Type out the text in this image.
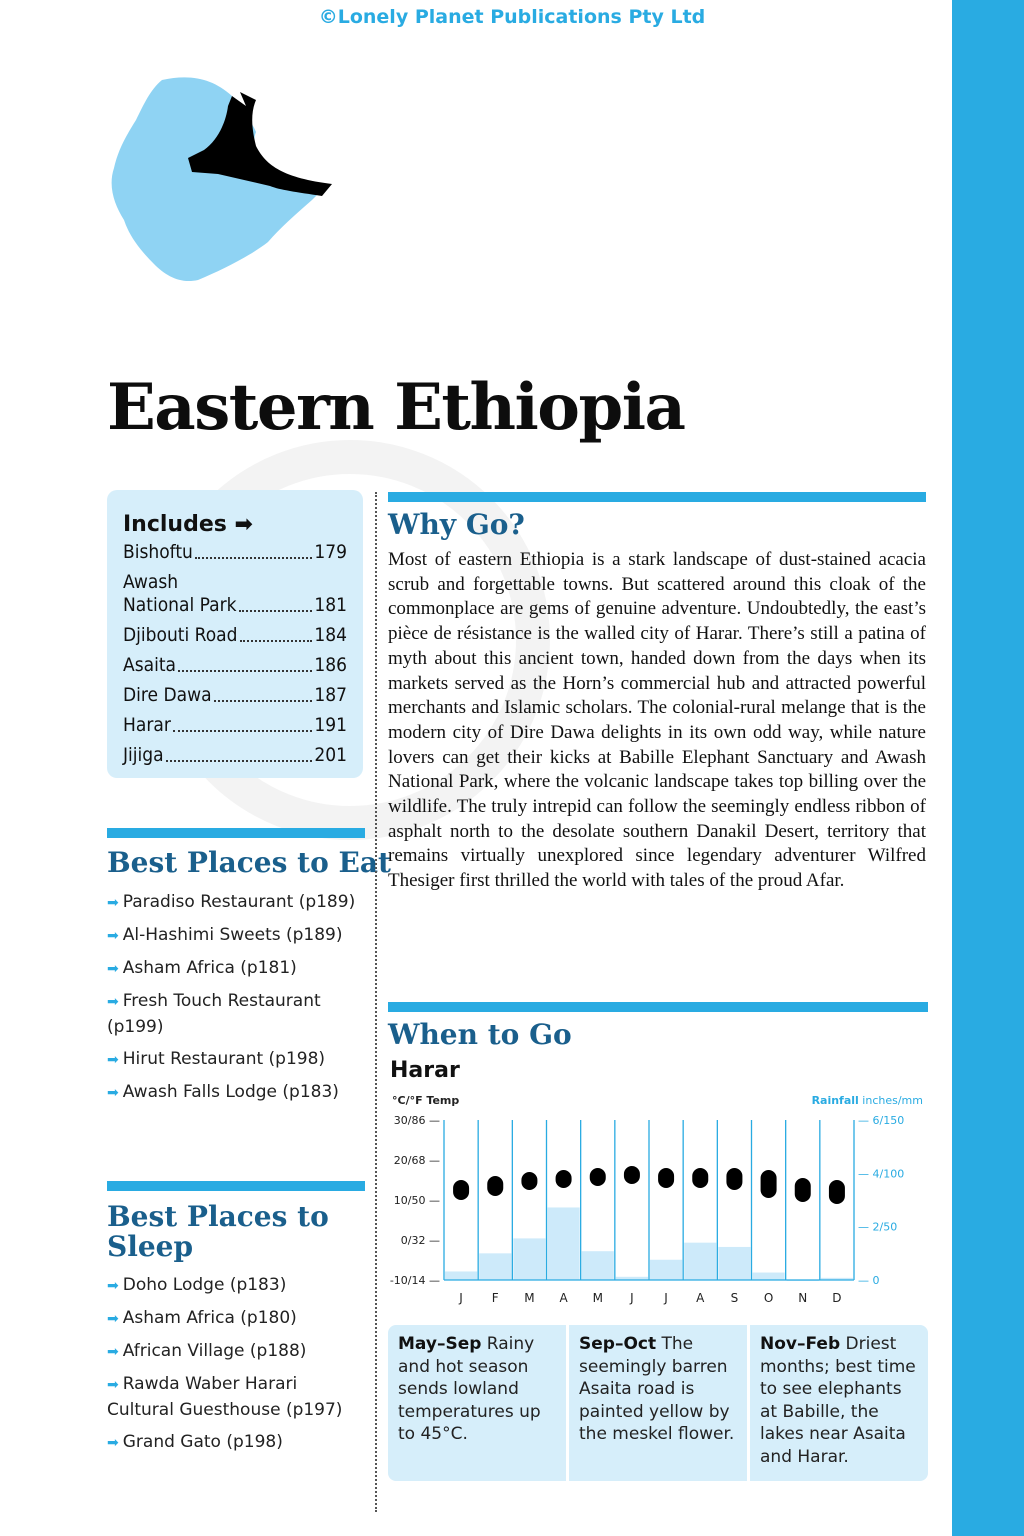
©Lonely Planet Publications Pty Ltd
Eastern Ethiopia
Includes ➡
Bishoftu	179
Awash
National Park	181
Djibouti Road	184
Asaita	186
Dire Dawa	187
Harar	191
Jijiga	201
Best Places to Eat
➡ Paradiso Restaurant (p189)
➡ Al-Hashimi Sweets (p189)
➡ Asham Africa (p181)
➡ Fresh Touch Restaurant (p199)
➡ Hirut Restaurant (p198)
➡ Awash Falls Lodge (p183)
Best Places to Sleep
➡ Doho Lodge (p183)
➡ Asham Africa (p180)
➡ African Village (p188)
➡ Rawda Waber Harari Cultural Guesthouse (p197)
➡ Grand Gato (p198)
Why Go?

Most of eastern Ethiopia is a stark landscape of dust-stained acacia scrub and forgettable towns. But scattered around this cloak of the commonplace are gems of genuine adventure. Undoubtedly, the east’s pièce de résistance is the walled city of Harar. There’s still a patina of myth about this ancient town, handed down from the days when its markets served as the Horn’s commercial hub and attracted powerful merchants and Islamic scholars. The colonial-rural melange that is the modern city of Dire Dawa delights in its own odd way, while nature lovers can get their kicks at Babille Elephant Sanctuary and Awash National Park, where the volcanic landscape takes top billing over the wildlife. The truly intrepid can follow the seemingly endless ribbon of asphalt north to the desolate southern Danakil Desert, territory that remains virtually unexplored since legendary adventurer Wilfred Thesiger first thrilled the world with tales of the proud Afar.

When to Go
Harar
°C/°F Temp	Rainfall inches/mm
30/86 —
20/68 —
10/50 —
0/32 —
-10/14 —
— 6/150
— 4/100
— 2/50
— 0
J F M A M J	J A S O N D
May–Sep Rainy and hot season sends lowland temperatures up to 45°C.
Sep–Oct The seemingly barren Asaita road is painted yellow by the meskel flower.
Nov–Feb Driest months; best time to see elephants at Babille, the lakes near Asaita and Harar.
